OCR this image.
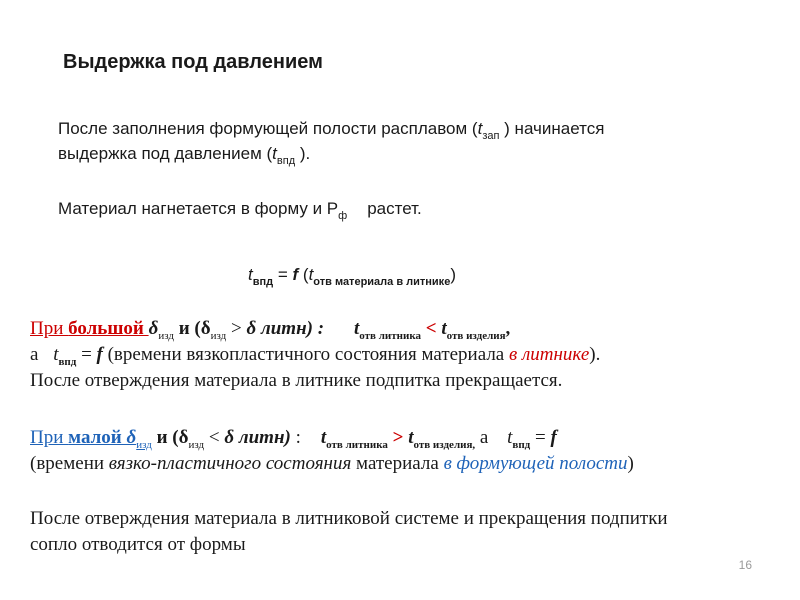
Выдержка под давлением
После заполнения формующей полости расплавом ($t_{зап}$ ) начинается
выдержка под давлением ($t_{впд}$ ).
Материал нагнетается в форму и $P_ф$ растет.
$t_{впд} = f$ $(t_{отв материала в литнике})$
При большой $\delta_{изд}$ и ($\delta_{изд} > \delta$ литн) : $t_{отв литника} < t_{отв изделия}$,
а $t_{впд} = f$ (времени вязкопластичного состояния материала в литнике).
После отверждения материала в литнике подпитка прекращается.
При малой $\delta_{изд}$ и ($\delta_{изд} < \delta$ литн) : $t_{отв литника} > t_{отв изделия,}$ а $t_{впд} = f$
(времени вязко-пластичного состояния материала в формующей полости)
После отверждения материала в литниковой системе и прекращения подпитки
сопло отводится от формы
16
